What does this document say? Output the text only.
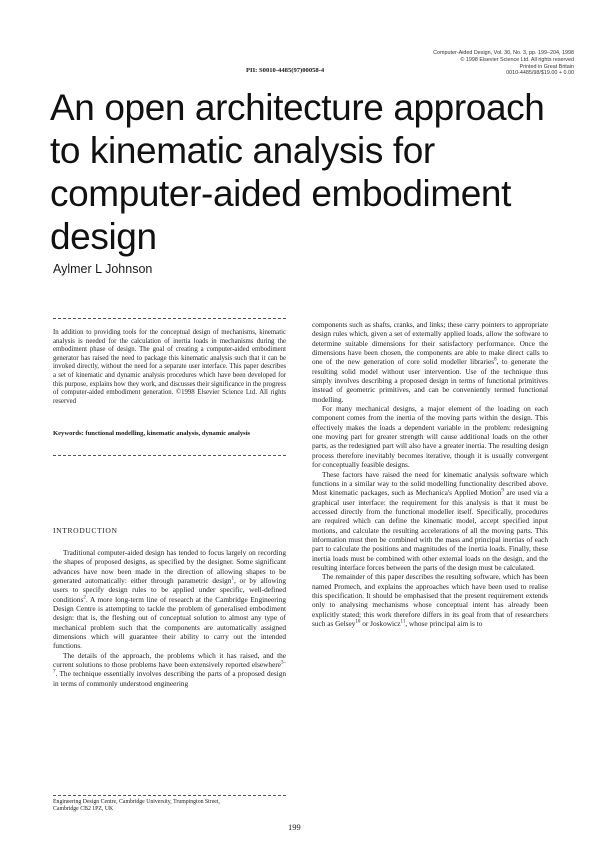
Computer-Aided Design, Vol. 30, No. 3, pp. 199–204, 1998
© 1998 Elsevier Science Ltd. All rights reserved
Printed in Great Britain
0010-4485/98/$19.00 + 0.00
PII: S0010-4485(97)00058-4
An open architecture approach to kinematic analysis for computer-aided embodiment design
Aylmer L Johnson

In addition to providing tools for the conceptual design of mechanisms, kinematic analysis is needed for the calculation of inertia loads in mechanisms during the embodiment phase of design. The goal of creating a computer-aided embodiment generator has raised the need to package this kinematic analysis such that it can be invoked directly, without the need for a separate user interface. This paper describes a set of kinematic and dynamic analysis procedures which have been developed for this purpose, explains how they work, and discusses their significance in the progress of computer-aided embodiment generation. ©1998 Elsevier Science Ltd. All rights reserved

Keywords: functional modelling, kinematic analysis, dynamic analysis
INTRODUCTION

Traditional computer-aided design has tended to focus largely on recording the shapes of proposed designs, as specified by the designer. Some significant advances have now been made in the direction of allowing shapes to be generated automatically: either through parametric design$^1$, or by allowing users to specify design rules to be applied under specific, well-defined conditions$^2$. A more long-term line of research at the Cambridge Engineering Design Centre is attempting to tackle the problem of generalised embodiment design: that is, the fleshing out of conceptual solution to almost any type of mechanical problem such that the components are automatically assigned dimensions which will guarantee their ability to carry out the intended functions.

The details of the approach, the problems which it has raised, and the current solutions to those problems have been extensively reported elsewhere$^{3-7}$. The technique essentially involves describing the parts of a proposed design in terms of commonly understood engineering

components such as shafts, cranks, and links; these carry pointers to appropriate design rules which, given a set of externally applied loads, allow the software to determine suitable dimensions for their satisfactory performance. Once the dimensions have been chosen, the components are able to make direct calls to one of the new generation of core solid modeller libraries$^8$, to generate the resulting solid model without user intervention. Use of the technique thus simply involves describing a proposed design in terms of functional primitives instead of geometric primitives, and can be conveniently termed functional modelling.

For many mechanical designs, a major element of the loading on each component comes from the inertia of the moving parts within the design. This effectively makes the loads a dependent variable in the problem: redesigning one moving part for greater strength will cause additional loads on the other parts, as the redesigned part will also have a greater inertia. The resulting design process therefore inevitably becomes iterative, though it is usually convergent for conceptually feasible designs.

These factors have raised the need for kinematic analysis software which functions in a similar way to the solid modelling functionality described above. Most kinematic packages, such as Mechanica's Applied Motion$^9$ are used via a graphical user interface: the requirement for this analysis is that it must be accessed directly from the functional modeller itself. Specifically, procedures are required which can define the kinematic model, accept specified input motions, and calculate the resulting accelerations of all the moving parts. This information must then be combined with the mass and principal inertias of each part to calculate the positions and magnitudes of the inertia loads. Finally, these inertia loads must be combined with other external loads on the design, and the resulting interface forces between the parts of the design must be calculated.

The remainder of this paper describes the resulting software, which has been named Promech, and explains the approaches which have been used to realise this specification. It should be emphasised that the present requirement extends only to analysing mechanisms whose conceptual intent has already been explicitly stated; this work therefore differs in its goal from that of researchers such as Gelsey$^{10}$ or Joskowicz$^{11}$, whose principal aim is to

Engineering Design Centre, Cambridge University, Trumpington Street,
Cambridge CB2 1PZ, UK
199
